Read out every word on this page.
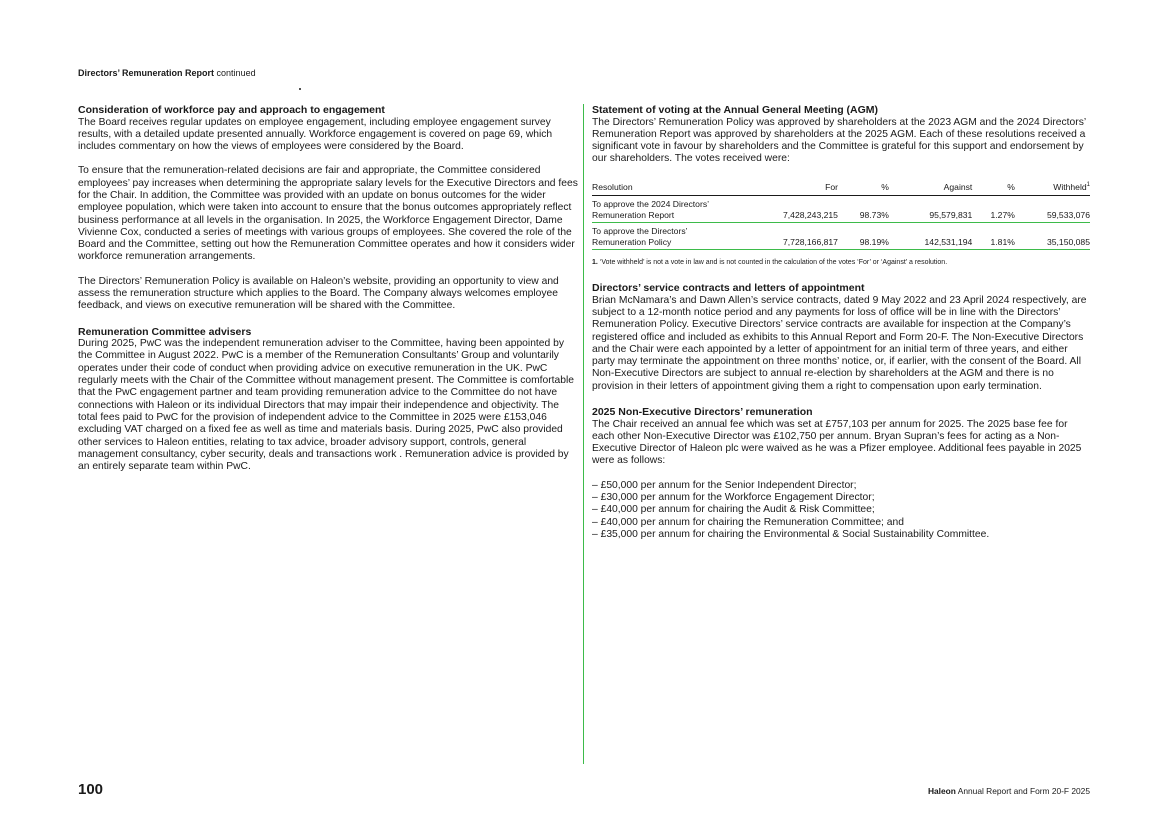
Directors’ Remuneration Report continued
Consideration of workforce pay and approach to engagement

The Board receives regular updates on employee engagement, including employee engagement survey results, with a detailed update presented annually. Workforce engagement is covered on page 69, which includes commentary on how the views of employees were considered by the Board.

To ensure that the remuneration-related decisions are fair and appropriate, the Committee considered employees’ pay increases when determining the appropriate salary levels for the Executive Directors and fees for the Chair. In addition, the Committee was provided with an update on bonus outcomes for the wider employee population, which were taken into account to ensure that the bonus outcomes appropriately reflect business performance at all levels in the organisation. In 2025, the Workforce Engagement Director, Dame Vivienne Cox, conducted a series of meetings with various groups of employees. She covered the role of the Board and the Committee, setting out how the Remuneration Committee operates and how it considers wider workforce remuneration arrangements.

The Directors’ Remuneration Policy is available on Haleon’s website, providing an opportunity to view and assess the remuneration structure which applies to the Board. The Company always welcomes employee feedback, and views on executive remuneration will be shared with the Committee.

Remuneration Committee advisers

During 2025, PwC was the independent remuneration adviser to the Committee, having been appointed by the Committee in August 2022. PwC is a member of the Remuneration Consultants’ Group and voluntarily operates under their code of conduct when providing advice on executive remuneration in the UK. PwC regularly meets with the Chair of the Committee without management present. The Committee is comfortable that the PwC engagement partner and team providing remuneration advice to the Committee do not have connections with Haleon or its individual Directors that may impair their independence and objectivity. The total fees paid to PwC for the provision of independent advice to the Committee in 2025 were £153,046 excluding VAT charged on a fixed fee as well as time and materials basis. During 2025, PwC also provided other services to Haleon entities, relating to tax advice, broader advisory support, controls, general management consultancy, cyber security, deals and transactions work . Remuneration advice is provided by an entirely separate team within PwC.

Statement of voting at the Annual General Meeting (AGM)

The Directors’ Remuneration Policy was approved by shareholders at the 2023 AGM and the 2024 Directors’ Remuneration Report was approved by shareholders at the 2025 AGM. Each of these resolutions received a significant vote in favour by shareholders and the Committee is grateful for this support and endorsement by our shareholders. The votes received were:

Resolution	For	%	Against	%	Withheld$^1$
To approve the 2024 Directors’
Remuneration Report	7,428,243,215	98.73%	95,579,831	1.27%	59,533,076
To approve the Directors’
Remuneration Policy	7,728,166,817	98.19%	142,531,194	1.81%	35,150,085
1. ‘Vote withheld’ is not a vote in law and is not counted in the calculation of the votes ‘For’ or ‘Against’ a resolution.
Directors’ service contracts and letters of appointment

Brian McNamara’s and Dawn Allen’s service contracts, dated 9 May 2022 and 23 April 2024 respectively, are subject to a 12-month notice period and any payments for loss of office will be in line with the Directors’ Remuneration Policy. Executive Directors’ service contracts are available for inspection at the Company’s registered office and included as exhibits to this Annual Report and Form 20-F. The Non-Executive Directors and the Chair were each appointed by a letter of appointment for an initial term of three years, and either party may terminate the appointment on three months’ notice, or, if earlier, with the consent of the Board. All Non-Executive Directors are subject to annual re-election by shareholders at the AGM and there is no provision in their letters of appointment giving them a right to compensation upon early termination.

2025 Non-Executive Directors’ remuneration

The Chair received an annual fee which was set at £757,103 per annum for 2025. The 2025 base fee for each other Non-Executive Director was £102,750 per annum. Bryan Supran’s fees for acting as a Non-Executive Director of Haleon plc were waived as he was a Pfizer employee. Additional fees payable in 2025 were as follows:

– £50,000 per annum for the Senior Independent Director;
– £30,000 per annum for the Workforce Engagement Director;
– £40,000 per annum for chairing the Audit & Risk Committee;
– £40,000 per annum for chairing the Remuneration Committee; and
– £35,000 per annum for chairing the Environmental & Social Sustainability Committee.
100	Haleon Annual Report and Form 20-F 2025
